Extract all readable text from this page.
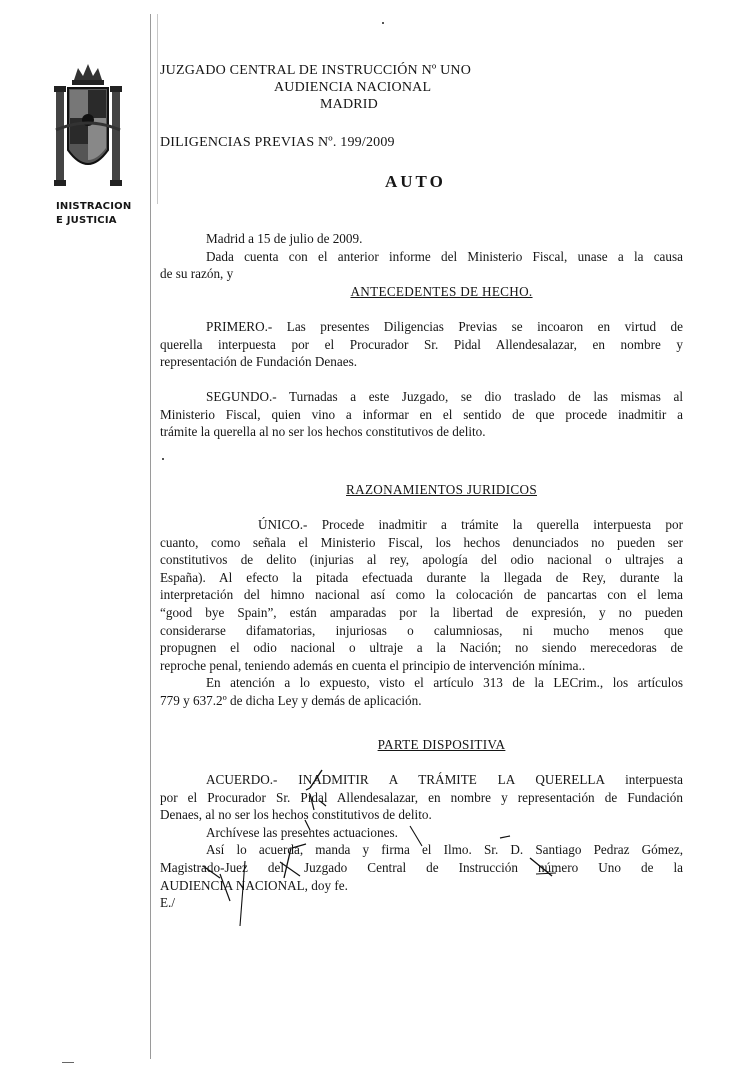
INISTRACION
E JUSTICIA
JUZGADO CENTRAL DE INSTRUCCIÓN Nº UNO
AUDIENCIA NACIONAL
MADRID
DILIGENCIAS PREVIAS Nº. 199/2009
AUTO
Madrid a 15 de julio de 2009.
Dada cuenta con el anterior informe del Ministerio Fiscal, unase a la causa
de su razón, y
ANTECEDENTES DE HECHO.
PRIMERO.- Las presentes Diligencias Previas se incoaron en virtud de
querella interpuesta por el Procurador Sr. Pidal Allendesalazar, en nombre y
representación de Fundación Denaes.
SEGUNDO.- Turnadas a este Juzgado, se dio traslado de las mismas al
Ministerio Fiscal, quien vino a informar en el sentido de que procede inadmitir a
trámite la querella al no ser los hechos constitutivos de delito.
RAZONAMIENTOS JURIDICOS
ÚNICO.- Procede inadmitir a trámite la querella interpuesta por
cuanto, como señala el Ministerio Fiscal, los hechos denunciados no pueden ser
constitutivos de delito (injurias al rey, apología del odio nacional o ultrajes a
España). Al efecto la pitada efectuada durante la llegada de Rey, durante la
interpretación del himno nacional así como la colocación de pancartas con el lema
“good bye Spain”, están amparadas por la libertad de expresión, y no pueden
considerarse difamatorias, injuriosas o calumniosas, ni mucho menos que
propugnen el odio nacional o ultraje a la Nación; no siendo merecedoras de
reproche penal, teniendo además en cuenta el principio de intervención mínima..
En atención a lo expuesto, visto el artículo 313 de la LECrim., los artículos
779 y 637.2º de dicha Ley y demás de aplicación.
PARTE DISPOSITIVA
ACUERDO.- INADMITIR A TRÁMITE LA QUERELLA interpuesta
por el Procurador Sr. Pidal Allendesalazar, en nombre y representación de Fundación
Denaes, al no ser los hechos constitutivos de delito.
Archívese las presentes actuaciones.
Así lo acuerda, manda y firma el Ilmo. Sr. D. Santiago Pedraz Gómez,
Magistrado-Juez del Juzgado Central de Instrucción número Uno de la
AUDIENCIA NACIONAL, doy fe.
E./
